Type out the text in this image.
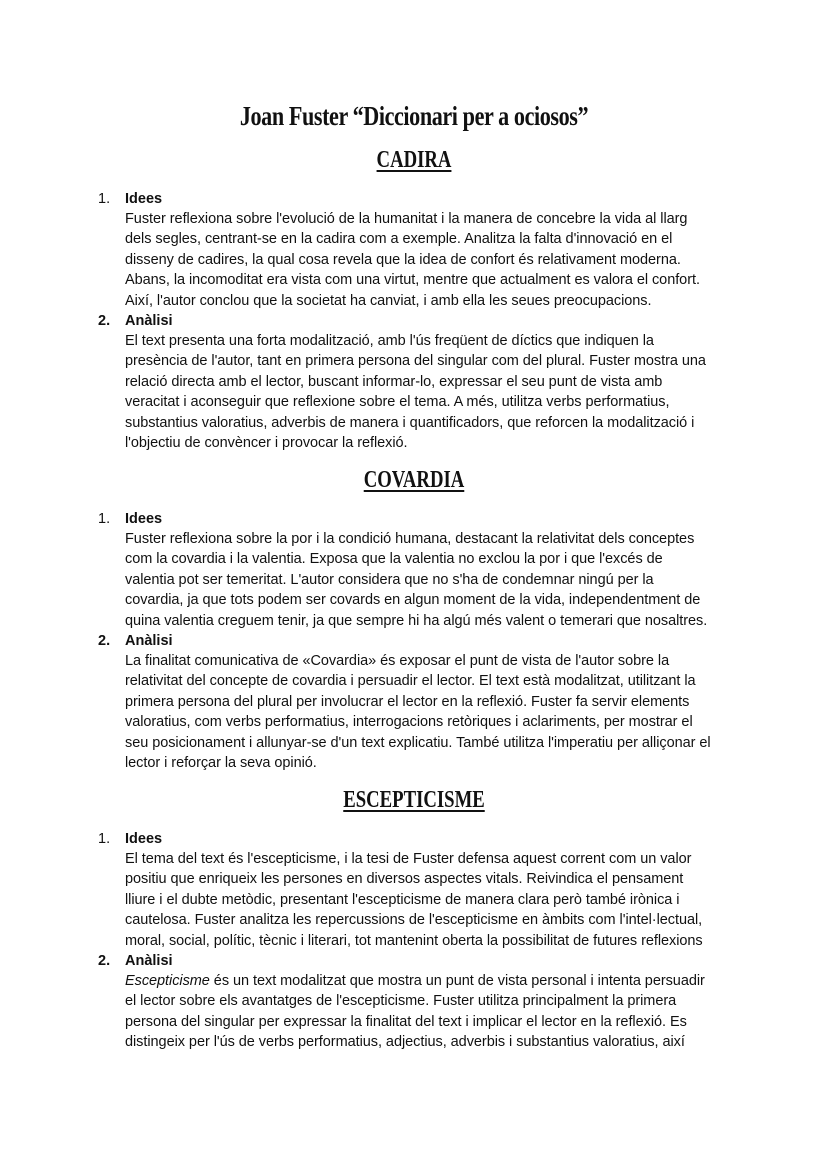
Joan Fuster “Diccionari per a ociosos”
CADIRA
1.	Idees
Fuster reflexiona sobre l'evolució de la humanitat i la manera de concebre la vida al llarg
dels segles, centrant-se en la cadira com a exemple. Analitza la falta d'innovació en el
disseny de cadires, la qual cosa revela que la idea de confort és relativament moderna.
Abans, la incomoditat era vista com una virtut, mentre que actualment es valora el confort.
Així, l'autor conclou que la societat ha canviat, i amb ella les seues preocupacions.
2.	Anàlisi
El text presenta una forta modalització, amb l'ús freqüent de díctics que indiquen la
presència de l'autor, tant en primera persona del singular com del plural. Fuster mostra una
relació directa amb el lector, buscant informar-lo, expressar el seu punt de vista amb
veracitat i aconseguir que reflexione sobre el tema. A més, utilitza verbs performatius,
substantius valoratius, adverbis de manera i quantificadors, que reforcen la modalització i
l'objectiu de convèncer i provocar la reflexió.
COVARDIA
1.	Idees
Fuster reflexiona sobre la por i la condició humana, destacant la relativitat dels conceptes
com la covardia i la valentia. Exposa que la valentia no exclou la por i que l'excés de
valentia pot ser temeritat. L'autor considera que no s'ha de condemnar ningú per la
covardia, ja que tots podem ser covards en algun moment de la vida, independentment de
quina valentia creguem tenir, ja que sempre hi ha algú més valent o temerari que nosaltres.
2.	Anàlisi
La finalitat comunicativa de «Covardia» és exposar el punt de vista de l'autor sobre la
relativitat del concepte de covardia i persuadir el lector. El text està modalitzat, utilitzant la
primera persona del plural per involucrar el lector en la reflexió. Fuster fa servir elements
valoratius, com verbs performatius, interrogacions retòriques i aclariments, per mostrar el
seu posicionament i allunyar-se d'un text explicatiu. També utilitza l'imperatiu per alliçonar el
lector i reforçar la seva opinió.
ESCEPTICISME
1.	Idees
El tema del text és l'escepticisme, i la tesi de Fuster defensa aquest corrent com un valor
positiu que enriqueix les persones en diversos aspectes vitals. Reivindica el pensament
lliure i el dubte metòdic, presentant l'escepticisme de manera clara però també irònica i
cautelosa. Fuster analitza les repercussions de l'escepticisme en àmbits com l'intel·lectual,
moral, social, polític, tècnic i literari, tot mantenint oberta la possibilitat de futures reflexions
2.	Anàlisi
Escepticisme és un text modalitzat que mostra un punt de vista personal i intenta persuadir
el lector sobre els avantatges de l'escepticisme. Fuster utilitza principalment la primera
persona del singular per expressar la finalitat del text i implicar el lector en la reflexió. Es
distingeix per l'ús de verbs performatius, adjectius, adverbis i substantius valoratius, així
